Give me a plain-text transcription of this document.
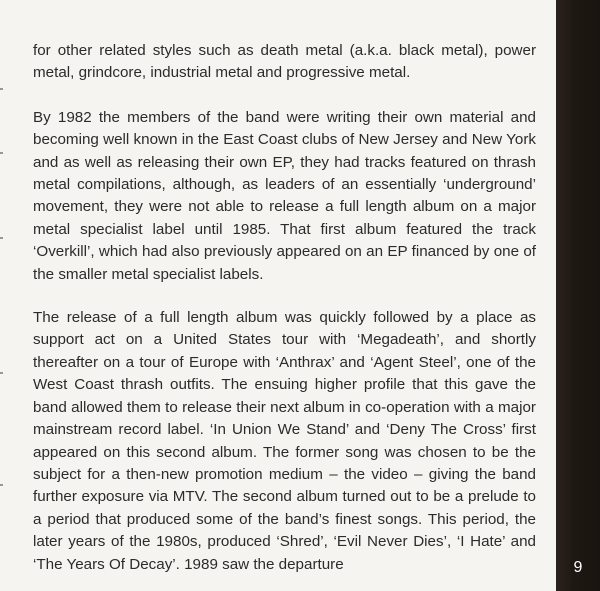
for other related styles such as death metal (a.k.a. black metal), power metal, grindcore, industrial metal and progressive metal.

By 1982 the members of the band were writing their own material and becoming well known in the East Coast clubs of New Jersey and New York and as well as releasing their own EP, they had tracks featured on thrash metal compilations, although, as leaders of an essentially ‘underground’ movement, they were not able to release a full length album on a major metal specialist label until 1985. That first album featured the track ‘Overkill’, which had also previously appeared on an EP financed by one of the smaller metal specialist labels.

The release of a full length album was quickly followed by a place as support act on a United States tour with ‘Megadeath’, and shortly thereafter on a tour of Europe with ‘Anthrax’ and ‘Agent Steel’, one of the West Coast thrash outfits. The ensuing higher profile that this gave the band allowed them to release their next album in co-operation with a major mainstream record label. ‘In Union We Stand’ and ‘Deny The Cross’ first appeared on this second album. The former song was chosen to be the subject for a then-new promotion medium – the video – giving the band further exposure via MTV. The second album turned out to be a prelude to a period that produced some of the band’s finest songs. This period, the later years of the 1980s, produced ‘Shred’, ‘Evil Never Dies’, ‘I Hate’ and ‘The Years Of Decay’. 1989 saw the departure	9
